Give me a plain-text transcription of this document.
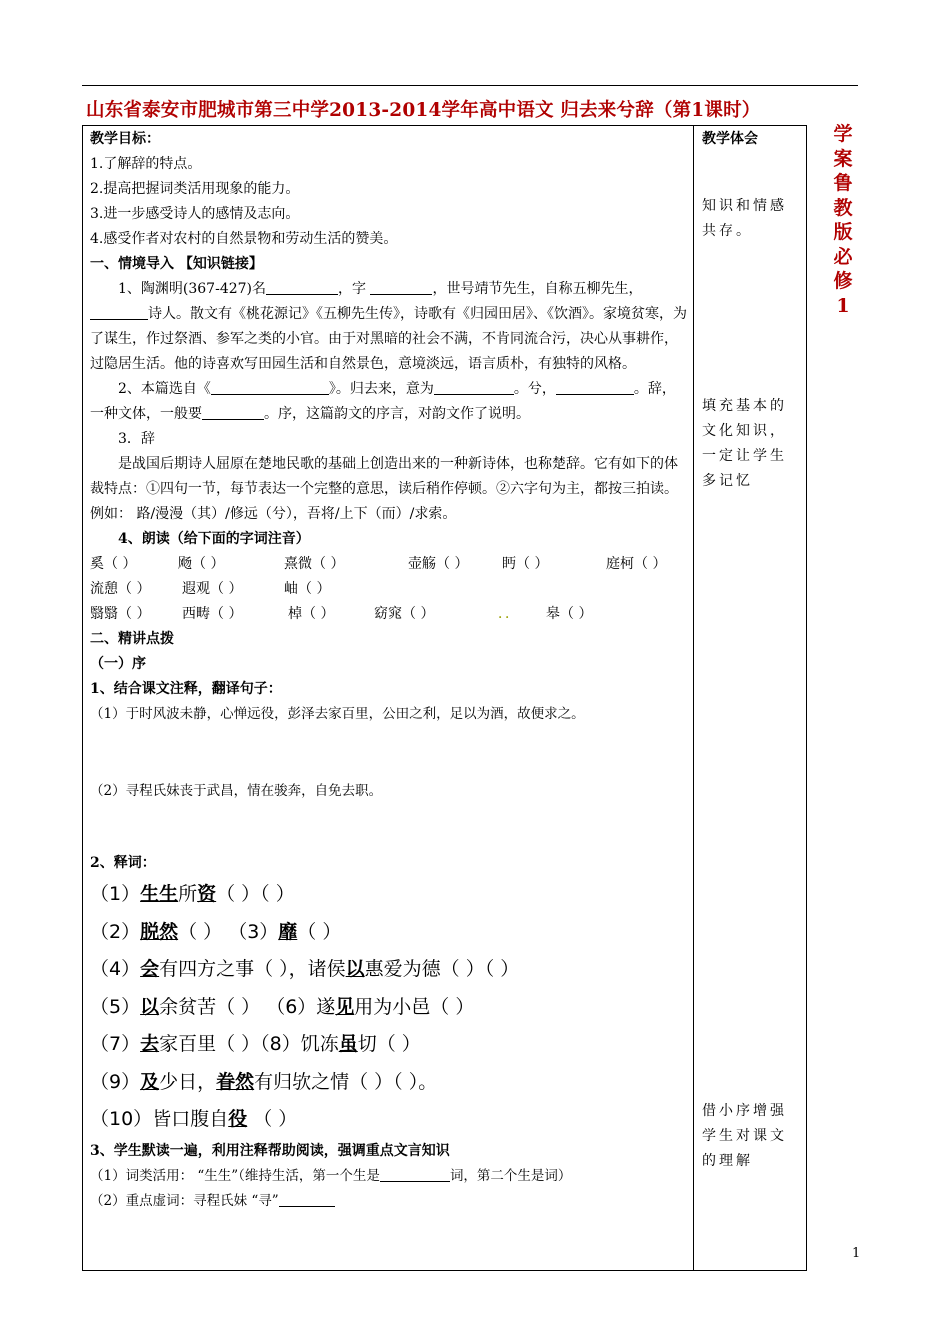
山东省泰安市肥城市第三中学2013-2014学年高中语文 归去来兮辞（第1课时）
学案鲁教版必修1

教学目标：

1.了解辞的特点。

2.提高把握词类活用现象的能力。

3.进一步感受诗人的感情及志向。

4.感受作者对农村的自然景物和劳动生活的赞美。

一、情境导入 【知识链接】

1、陶渊明(367-427)名	，字	，世号靖节先生，自称五柳先生，诗人。散文有《桃花源记》《五柳先生传》，诗歌有《归园田居》、《饮酒》。家境贫寒，为了谋生，作过祭酒、参军之类的小官。由于对黑暗的社会不满，不肯同流合污，决心从事耕作，过隐居生活。他的诗喜欢写田园生活和自然景色，意境淡远，语言质朴，有独特的风格。

2、本篇选自《	》。归去来，意为	。兮，	。辞，一种文体，一般要	。序，这篇韵文的序言，对韵文作了说明。

3．辞

是战国后期诗人屈原在楚地民歌的基础上创造出来的一种新诗体，也称楚辞。它有如下的体裁特点：①四句一节，每节表达一个完整的意思，读后稍作停顿。②六字句为主，都按三拍读。例如： 路/漫漫（其）/修远（兮），吾将/上下（而）/求索。

4、朗读（给下面的字词注音）

奚（ ）	飏（ ）	熹微（ ）	壶觞（ ）	眄（ ）	庭柯（ ）
流憩（ ）	遐观（ ）	岫（ ）
翳翳（ ）	西畴（ ）	棹（ ）	窈窕（ ）	．．	皋（ ）

二、精讲点拨

（一）序

1、结合课文注释，翻译句子：

（1）于时风波未静，心惮远役，彭泽去家百里，公田之利，足以为酒，故便求之。

（2）寻程氏妹丧于武昌，情在骏奔，自免去职。

2、释词：

（1）生生所资（ ）（ ）
（2）脱然（ ） （3）靡（ ）
（4）会有四方之事（ ），诸侯以惠爱为德（ ）（ ）
（5）以余贫苦（ ） （6）遂见用为小邑（ ）
（7）去家百里（ ）（8）饥冻虽切（ ）
（9）及少日，眷然有归欤之情（ ）（ ）。
（10）皆口腹自役 （ ）

3、学生默读一遍，利用注释帮助阅读，强调重点文言知识

（1）词类活用： “生生”（维持生活，第一个生是	词，第二个生是词）

（2）重点虚词：寻程氏妹 “寻”

教学体会
知识和情感共存。
填充基本的文化知识，一定让学生多记忆
借小序增强学生对课文的理解
1
